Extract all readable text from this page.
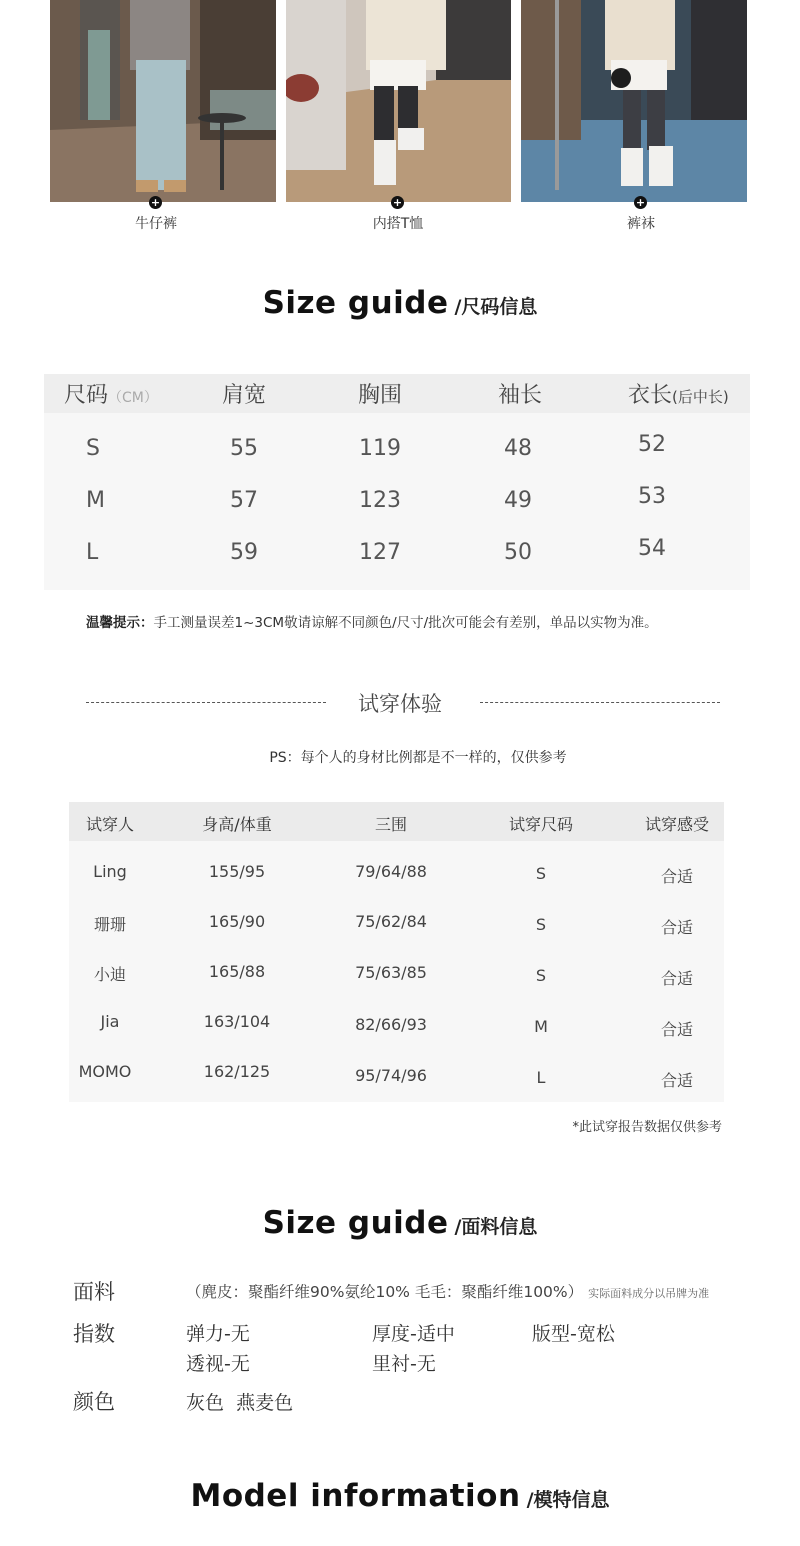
+	+	+
牛仔裤	内搭T恤	裤袜
Size guide /尺码信息
尺码（CM）	肩宽	胸围	袖长	衣长(后中长)
S	55	119	48	52
M	57	123	49	53
L	59	127	50	54
温馨提示：手工测量误差1~3CM敬请谅解不同颜色/尺寸/批次可能会有差别，单品以实物为准。
试穿体验
PS：每个人的身材比例都是不一样的，仅供参考
试穿人	身高/体重	三围	试穿尺码	试穿感受
Ling	155/95	79/64/88	S	合适
珊珊	165/90	75/62/84	S	合适
小迪	165/88	75/63/85	S	合适
Jia	163/104	82/66/93	M	合适
MOMO	162/125	95/74/96	L	合适
*此试穿报告数据仅供参考
Size guide /面料信息
面料	（麂皮：聚酯纤维90%氨纶10% 毛毛：聚酯纤维100%） 实际面料成分以吊牌为准
指数	弹力-无	厚度-适中	版型-宽松
透视-无	里衬-无
颜色	灰色  燕麦色
Model information /模特信息
